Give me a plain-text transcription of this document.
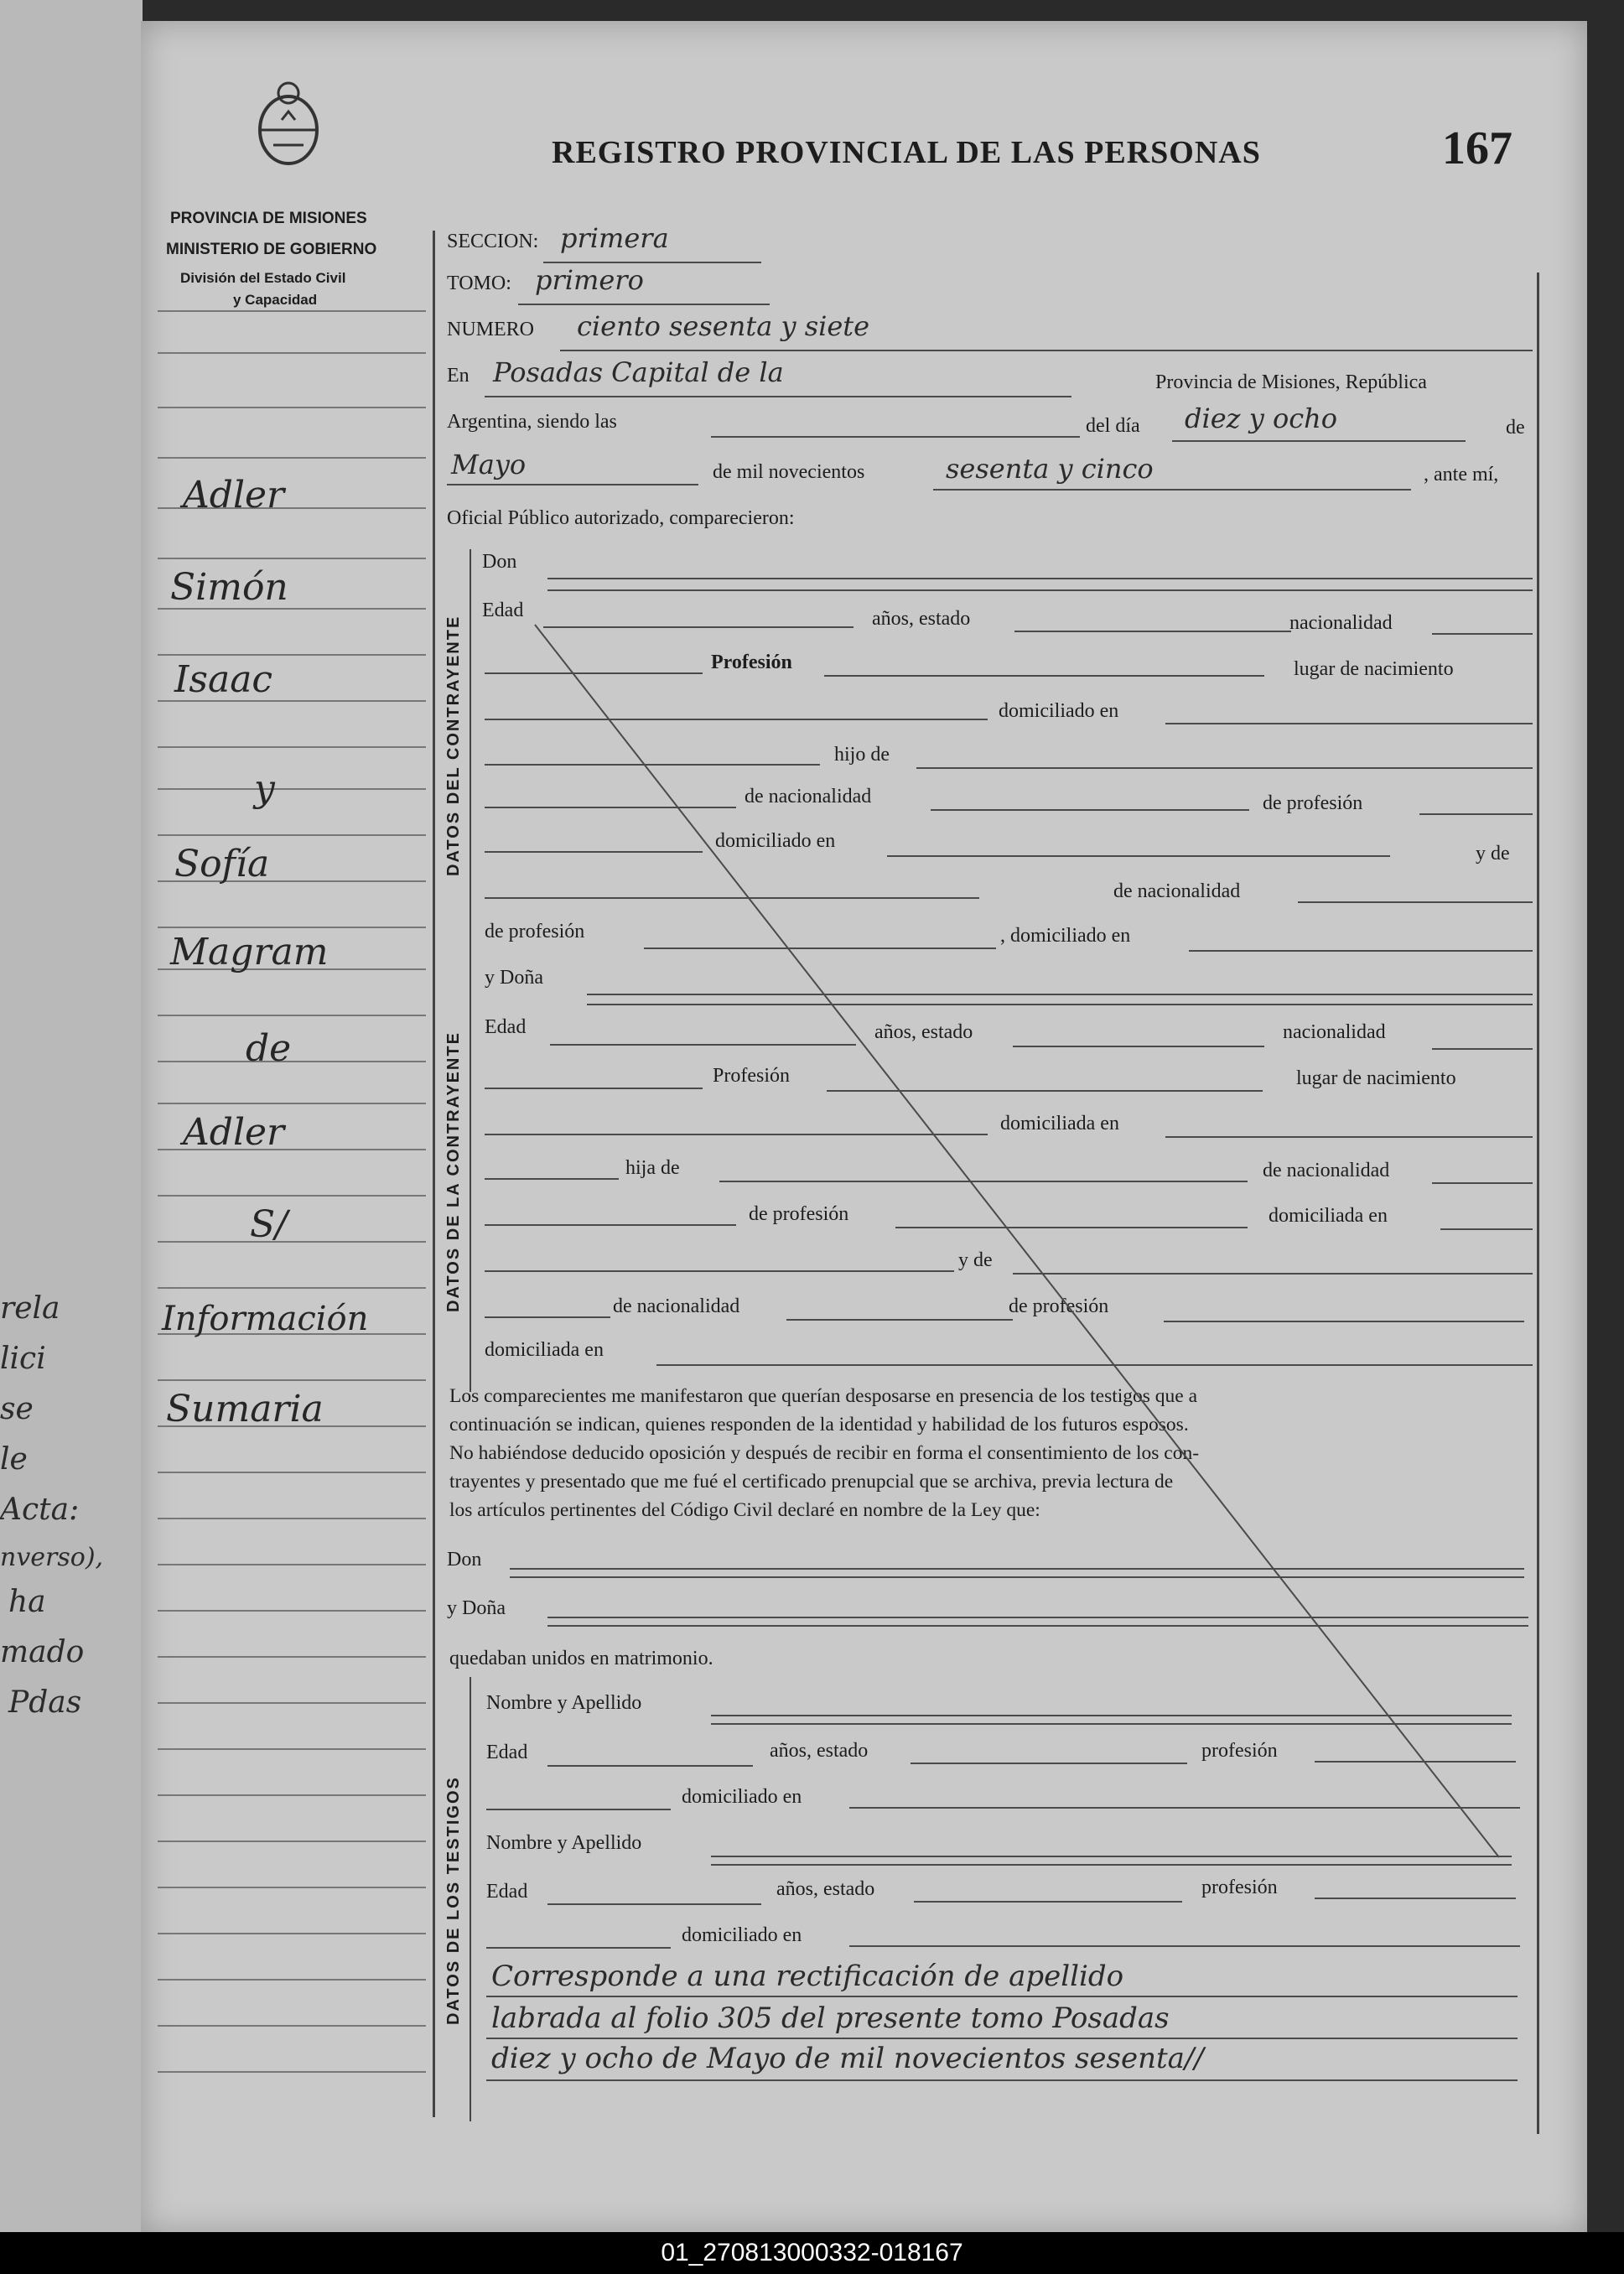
rela
lici
se
le
Acta:
nverso),
ha
mado
Pdas
PROVINCIA DE MISIONES
MINISTERIO DE GOBIERNO
División del Estado Civil
y Capacidad
REGISTRO PROVINCIAL DE LAS PERSONAS	167
Adler
Simón
Isaac
y
Sofía
Magram
de
Adler
S/
Información
Sumaria
SECCION: primera
TOMO: primero
NUMERO ciento sesenta y siete
En Posadas Capital de la	Provincia de Misiones, República
Argentina, siendo las	del día diez y ocho	de
Mayo	de mil novecientos	sesenta y cinco	, ante mí,
Oficial Público autorizado, comparecieron:
DATOS DEL CONTRAYENTE
Don
Edad	años, estado	nacionalidad
Profesión	lugar de nacimiento
domiciliado en
hijo de
de nacionalidad	de profesión
domiciliado en
y de
de nacionalidad
de profesión	, domiciliado en
DATOS DE LA CONTRAYENTE
y Doña
Edad	años, estado	nacionalidad
Profesión	lugar de nacimiento
domiciliada en
hija de	de nacionalidad
de profesión	domiciliada en
y de
de nacionalidad	de profesión
domiciliada en
Los comparecientes me manifestaron que querían desposarse en presencia de los testigos que a
continuación se indican, quienes responden de la identidad y habilidad de los futuros esposos.
No habiéndose deducido oposición y después de recibir en forma el consentimiento de los con-
trayentes y presentado que me fué el certificado prenupcial que se archiva, previa lectura de
los artículos pertinentes del Código Civil declaré en nombre de la Ley que:
Don
y Doña
quedaban unidos en matrimonio.
DATOS DE LOS TESTIGOS
Nombre y Apellido
Edad	años, estado	profesión
domiciliado en
Nombre y Apellido
Edad	años, estado	profesión
domiciliado en
Corresponde a una rectificación de apellido
labrada al folio 305 del presente tomo Posadas
diez y ocho de Mayo de mil novecientos sesenta//
01_270813000332-018167
